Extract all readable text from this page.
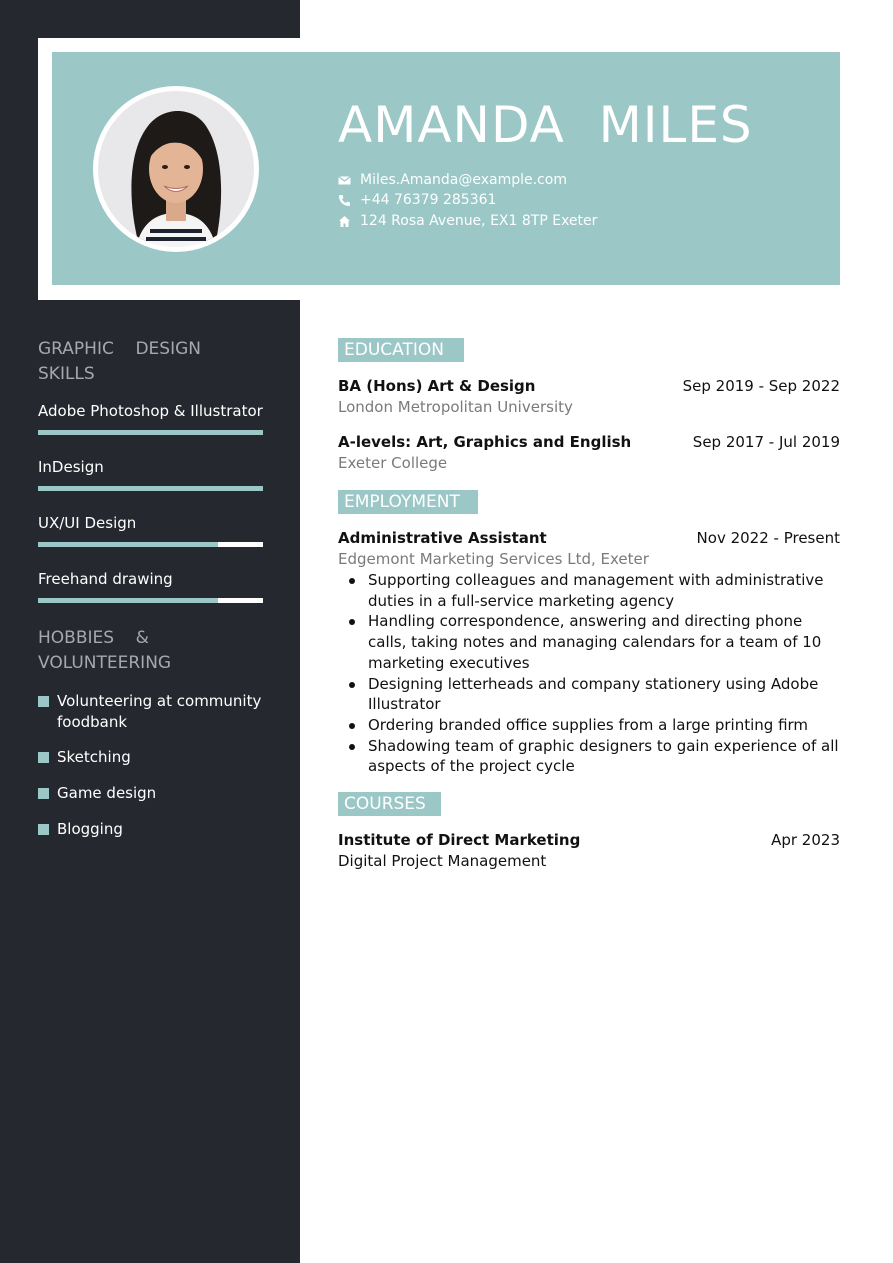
AMANDA MILES
Miles.Amanda@example.com
+44 76379 285361
124 Rosa Avenue, EX1 8TP Exeter
GRAPHIC    DESIGN
SKILLS
Adobe Photoshop & Illustrator
InDesign
UX/UI Design
Freehand drawing
HOBBIES    &
VOLUNTEERING
Volunteering at community foodbank
Sketching
Game design
Blogging
EDUCATION
BA (Hons) Art & Design	Sep 2019 - Sep 2022
London Metropolitan University
A-levels: Art, Graphics and English	Sep 2017 - Jul 2019
Exeter College
EMPLOYMENT
Administrative Assistant	Nov 2022 - Present
Edgemont Marketing Services Ltd, Exeter
Supporting colleagues and management with administrative duties in a full-service marketing agency
Handling correspondence, answering and directing phone calls, taking notes and managing calendars for a team of 10 marketing executives
Designing letterheads and company stationery using Adobe Illustrator
Ordering branded office supplies from a large printing firm
Shadowing team of graphic designers to gain experience of all aspects of the project cycle
COURSES
Institute of Direct Marketing	Apr 2023
Digital Project Management
